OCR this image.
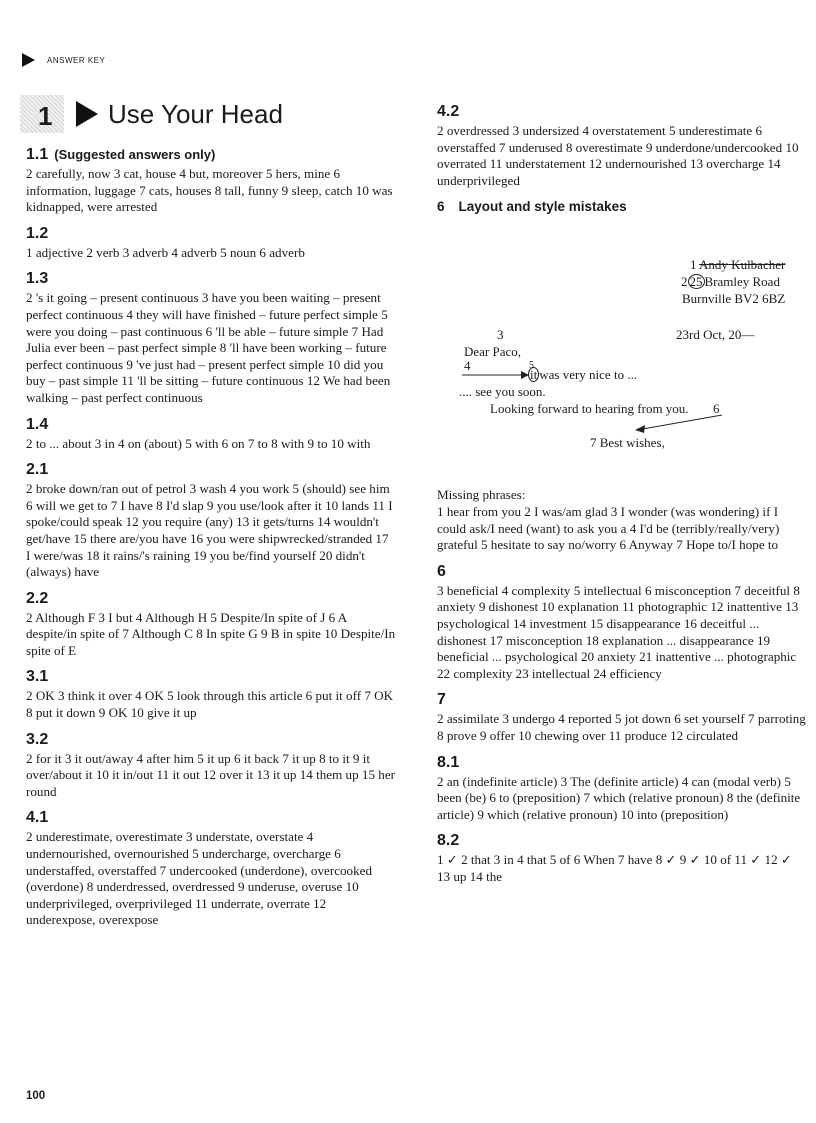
ANSWER KEY
1 Use Your Head
1.1 (Suggested answers only)
2 carefully, now 3 cat, house 4 but, moreover 5 hers, mine 6 information, luggage 7 cats, houses 8 tall, funny 9 sleep, catch 10 was kidnapped, were arrested
1.2
1 adjective 2 verb 3 adverb 4 adverb 5 noun 6 adverb
1.3
2 's it going – present continuous 3 have you been waiting – present perfect continuous 4 they will have finished – future perfect simple 5 were you doing – past continuous 6 'll be able – future simple 7 Had Julia ever been – past perfect simple 8 'll have been working – future perfect continuous 9 've just had – present perfect simple 10 did you buy – past simple 11 'll be sitting – future continuous 12 We had been walking – past perfect continuous
1.4
2 to ... about 3 in 4 on (about) 5 with 6 on 7 to 8 with 9 to 10 with
2.1
2 broke down/ran out of petrol 3 wash 4 you work 5 (should) see him 6 will we get to 7 I have 8 I'd slap 9 you use/look after it 10 lands 11 I spoke/could speak 12 you require (any) 13 it gets/turns 14 wouldn't get/have 15 there are/you have 16 you were shipwrecked/stranded 17 I were/was 18 it rains/'s raining 19 you be/find yourself 20 didn't (always) have
2.2
2 Although F 3 I but 4 Although H 5 Despite/In spite of J 6 A despite/in spite of 7 Although C 8 In spite G 9 B in spite 10 Despite/In spite of E
3.1
2 OK 3 think it over 4 OK 5 look through this article 6 put it off 7 OK 8 put it down 9 OK 10 give it up
3.2
2 for it 3 it out/away 4 after him 5 it up 6 it back 7 it up 8 to it 9 it over/about it 10 it in/out 11 it out 12 over it 13 it up 14 them up 15 her round
4.1
2 underestimate, overestimate 3 understate, overstate 4 undernourished, overnourished 5 undercharge, overcharge 6 understaffed, overstaffed 7 undercooked (underdone), overcooked (overdone) 8 underdressed, overdressed 9 underuse, overuse 10 underprivileged, overprivileged 11 underrate, overrate 12 underexpose, overexpose
4.2
2 overdressed 3 undersized 4 overstatement 5 underestimate 6 overstaffed 7 underused 8 overestimate 9 underdone/undercooked 10 overrated 11 understatement 12 undernourished 13 overcharge 14 underprivileged
6 Layout and style mistakes
1 Andy Kulbacher
2 25 Bramley Road
Burnville BV2 6BZ
3	23rd Oct, 20—
Dear Paco,
4	5
it was very nice to ...
.... see you soon.
Looking forward to hearing from you. 6
7 Best wishes,
Missing phrases:
1 hear from you 2 I was/am glad 3 I wonder (was wondering) if I could ask/I need (want) to ask you a 4 I'd be (terribly/really/very) grateful 5 hesitate to say no/worry 6 Anyway 7 Hope to/I hope to
6
3 beneficial 4 complexity 5 intellectual 6 misconception 7 deceitful 8 anxiety 9 dishonest 10 explanation 11 photographic 12 inattentive 13 psychological 14 investment 15 disappearance 16 deceitful ... dishonest 17 misconception 18 explanation ... disappearance 19 beneficial ... psychological 20 anxiety 21 inattentive ... photographic 22 complexity 23 intellectual 24 efficiency
7
2 assimilate 3 undergo 4 reported 5 jot down 6 set yourself 7 parroting 8 prove 9 offer 10 chewing over 11 produce 12 circulated
8.1
2 an (indefinite article) 3 The (definite article) 4 can (modal verb) 5 been (be) 6 to (preposition) 7 which (relative pronoun) 8 the (definite article) 9 which (relative pronoun) 10 into (preposition)
8.2
1 ✓ 2 that 3 in 4 that 5 of 6 When 7 have 8 ✓ 9 ✓ 10 of 11 ✓ 12 ✓ 13 up 14 the
100
